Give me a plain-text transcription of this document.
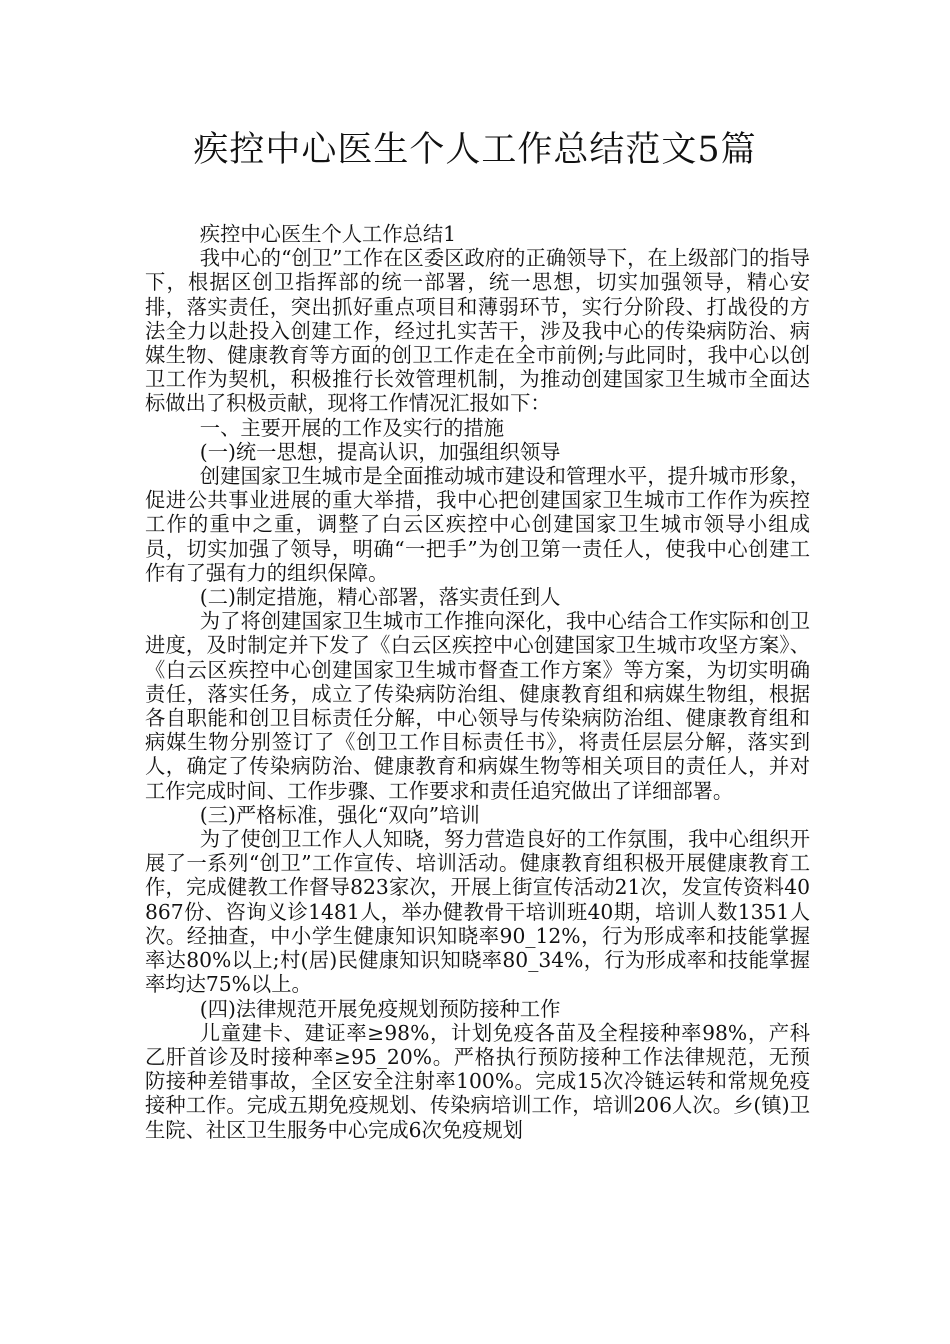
疾控中心医生个人工作总结范文5篇

疾控中心医生个人工作总结1

我中心的“创卫”工作在区委区政府的正确领导下，在上级部门的指导下，根据区创卫指挥部的统一部署，统一思想，切实加强领导，精心安排，落实责任，突出抓好重点项目和薄弱环节，实行分阶段、打战役的方法全力以赴投入创建工作，经过扎实苦干，涉及我中心的传染病防治、病媒生物、健康教育等方面的创卫工作走在全市前例;与此同时，我中心以创卫工作为契机，积极推行长效管理机制，为推动创建国家卫生城市全面达标做出了积极贡献，现将工作情况汇报如下：

一、主要开展的工作及实行的措施

(一)统一思想，提高认识，加强组织领导

创建国家卫生城市是全面推动城市建设和管理水平，提升城市形象，促进公共事业进展的重大举措，我中心把创建国家卫生城市工作作为疾控工作的重中之重，调整了白云区疾控中心创建国家卫生城市领导小组成员，切实加强了领导，明确“一把手”为创卫第一责任人，使我中心创建工作有了强有力的组织保障。

(二)制定措施，精心部署，落实责任到人

为了将创建国家卫生城市工作推向深化，我中心结合工作实际和创卫进度，及时制定并下发了《白云区疾控中心创建国家卫生城市攻坚方案》、《白云区疾控中心创建国家卫生城市督查工作方案》等方案，为切实明确责任，落实任务，成立了传染病防治组、健康教育组和病媒生物组，根据各自职能和创卫目标责任分解，中心领导与传染病防治组、健康教育组和病媒生物分别签订了《创卫工作目标责任书》，将责任层层分解，落实到人，确定了传染病防治、健康教育和病媒生物等相关项目的责任人，并对工作完成时间、工作步骤、工作要求和责任追究做出了详细部署。

(三)严格标准，强化“双向”培训

为了使创卫工作人人知晓，努力营造良好的工作氛围，我中心组织开展了一系列“创卫”工作宣传、培训活动。健康教育组积极开展健康教育工作，完成健教工作督导823家次，开展上街宣传活动21次，发宣传资料40867份、咨询义诊1481人，举办健教骨干培训班40期，培训人数1351人次。经抽查，中小学生健康知识知晓率90_12%，行为形成率和技能掌握率达80%以上;村(居)民健康知识知晓率80_34%，行为形成率和技能掌握率均达75%以上。

(四)法律规范开展免疫规划预防接种工作

儿童建卡、建证率≥98%，计划免疫各苗及全程接种率98%，产科乙肝首诊及时接种率≥95_20%。严格执行预防接种工作法律规范，无预防接种差错事故，全区安全注射率100%。完成15次冷链运转和常规免疫接种工作。完成五期免疫规划、传染病培训工作，培训206人次。乡(镇)卫生院、社区卫生服务中心完成6次免疫规划
